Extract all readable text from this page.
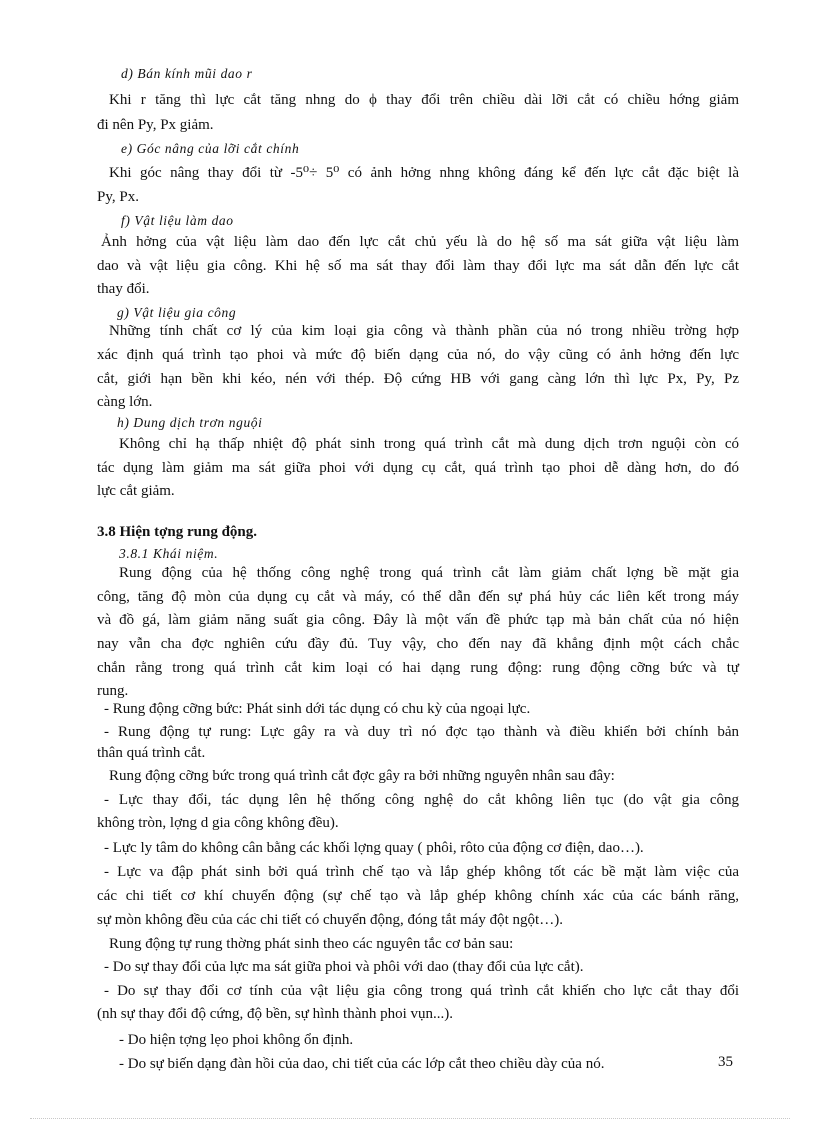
d) Bán kính mũi dao r
Khi r tăng thì lực cắt tăng nhng do ϕ thay đổi trên chiều dài lỡi cắt có chiều hớng giảm
đi nên Py, Px giảm.
e) Góc nâng của lỡi cắt chính
Khi góc nâng thay đổi từ -5⁰÷ 5⁰ có ảnh hởng nhng không đáng kể đến lực cắt đặc biệt là
Py, Px.
f) Vật liệu làm dao
Ảnh hởng của vật liệu làm dao đến lực cắt chủ yếu là do hệ số ma sát giữa vật liệu làm
dao và vật liệu gia công. Khi hệ số ma sát thay đổi làm thay đổi lực ma sát dẫn đến lực cắt
thay đổi.
g) Vật liệu gia công
Những tính chất cơ lý của kim loại gia công và thành phần của nó trong nhiều trờng hợp
xác định quá trình tạo phoi và mức độ biến dạng của nó, do vậy cũng có ảnh hởng đến lực
cắt, giới hạn bền khi kéo, nén với thép. Độ cứng HB với gang càng lớn thì lực Px, Py, Pz
càng lớn.
h) Dung dịch trơn nguội
Không chỉ hạ thấp nhiệt độ phát sinh trong quá trình cắt mà dung dịch trơn nguội còn có
tác dụng làm giảm ma sát giữa phoi với dụng cụ cắt, quá trình tạo phoi dễ dàng hơn, do đó
lực cắt giảm.
3.8 Hiện tợng rung động.
3.8.1 Khái niệm.
Rung động của hệ thống công nghệ trong quá trình cắt làm giảm chất lợng bề mặt gia
công, tăng độ mòn của dụng cụ cắt và máy, có thể dẫn đến sự phá hủy các liên kết trong máy
và đồ gá, làm giảm năng suất gia công. Đây là một vấn đề phức tạp mà bản chất của nó hiện
nay vẫn cha đợc nghiên cứu đầy đủ. Tuy vậy, cho đến nay đã khẳng định một cách chắc
chắn rằng trong quá trình cắt kim loại có hai dạng rung động: rung động cỡng bức và tự
rung.
- Rung động cỡng bức: Phát sinh dới tác dụng có chu kỳ của ngoại lực.
- Rung động tự rung: Lực gây ra và duy trì nó đợc tạo thành và điều khiển bởi chính bản
thân quá trình cắt.
Rung động cỡng bức trong quá trình cắt đợc gây ra bởi những nguyên nhân sau đây:
- Lực thay đổi, tác dụng lên hệ thống công nghệ do cắt không liên tục (do vật gia công
không tròn, lợng d gia công không đều).
- Lực ly tâm do không cân bằng các khối lợng quay ( phôi, rôto của động cơ điện, dao…).
- Lực va đập phát sinh bởi quá trình chế tạo và lắp ghép không tốt các bề mặt làm việc của
các chi tiết cơ khí chuyển động (sự chế tạo và lắp ghép không chính xác của các bánh răng,
sự mòn không đều của các chi tiết có chuyển động, đóng tắt máy đột ngột…).
Rung động tự rung thờng phát sinh theo các nguyên tắc cơ bản sau:
- Do sự thay đổi của lực ma sát giữa phoi và phôi với dao (thay đổi của lực cắt).
- Do sự thay đổi cơ tính của vật liệu gia công trong quá trình cắt khiến cho lực cắt thay đổi
(nh sự thay đổi độ cứng, độ bền, sự hình thành phoi vụn...).
- Do hiện tợng lẹo phoi không ổn định.
- Do sự biến dạng đàn hồi của dao, chi tiết của các lớp cắt theo chiều dày của nó.	35
